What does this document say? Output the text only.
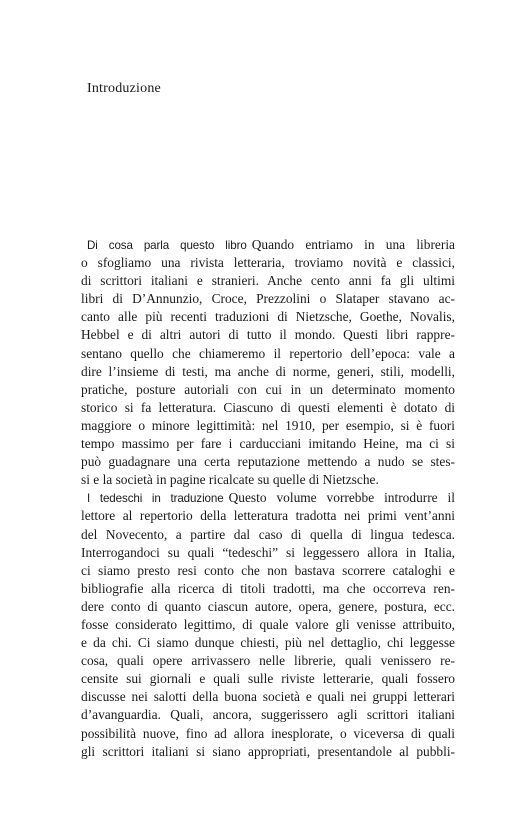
Introduzione
Di cosa parla questo libro Quando entriamo in una libreria
o sfogliamo una rivista letteraria, troviamo novità e classici,
di scrittori italiani e stranieri. Anche cento anni fa gli ultimi
libri di D’Annunzio, Croce, Prezzolini o Slataper stavano ac-
canto alle più recenti traduzioni di Nietzsche, Goethe, Novalis,
Hebbel e di altri autori di tutto il mondo. Questi libri rappre-
sentano quello che chiameremo il repertorio dell’epoca: vale a
dire l’insieme di testi, ma anche di norme, generi, stili, modelli,
pratiche, posture autoriali con cui in un determinato momento
storico si fa letteratura. Ciascuno di questi elementi è dotato di
maggiore o minore legittimità: nel 1910, per esempio, si è fuori
tempo massimo per fare i carducciani imitando Heine, ma ci si
può guadagnare una certa reputazione mettendo a nudo se stes-
si e la società in pagine ricalcate su quelle di Nietzsche.
I tedeschi in traduzione Questo volume vorrebbe introdurre il
lettore al repertorio della letteratura tradotta nei primi vent’anni
del Novecento, a partire dal caso di quella di lingua tedesca.
Interrogandoci su quali “tedeschi” si leggessero allora in Italia,
ci siamo presto resi conto che non bastava scorrere cataloghi e
bibliografie alla ricerca di titoli tradotti, ma che occorreva ren-
dere conto di quanto ciascun autore, opera, genere, postura, ecc.
fosse considerato legittimo, di quale valore gli venisse attribuito,
e da chi. Ci siamo dunque chiesti, più nel dettaglio, chi leggesse
cosa, quali opere arrivassero nelle librerie, quali venissero re-
censite sui giornali e quali sulle riviste letterarie, quali fossero
discusse nei salotti della buona società e quali nei gruppi letterari
d’avanguardia. Quali, ancora, suggerissero agli scrittori italiani
possibilità nuove, fino ad allora inesplorate, o viceversa di quali
gli scrittori italiani si siano appropriati, presentandole al pubbli-
